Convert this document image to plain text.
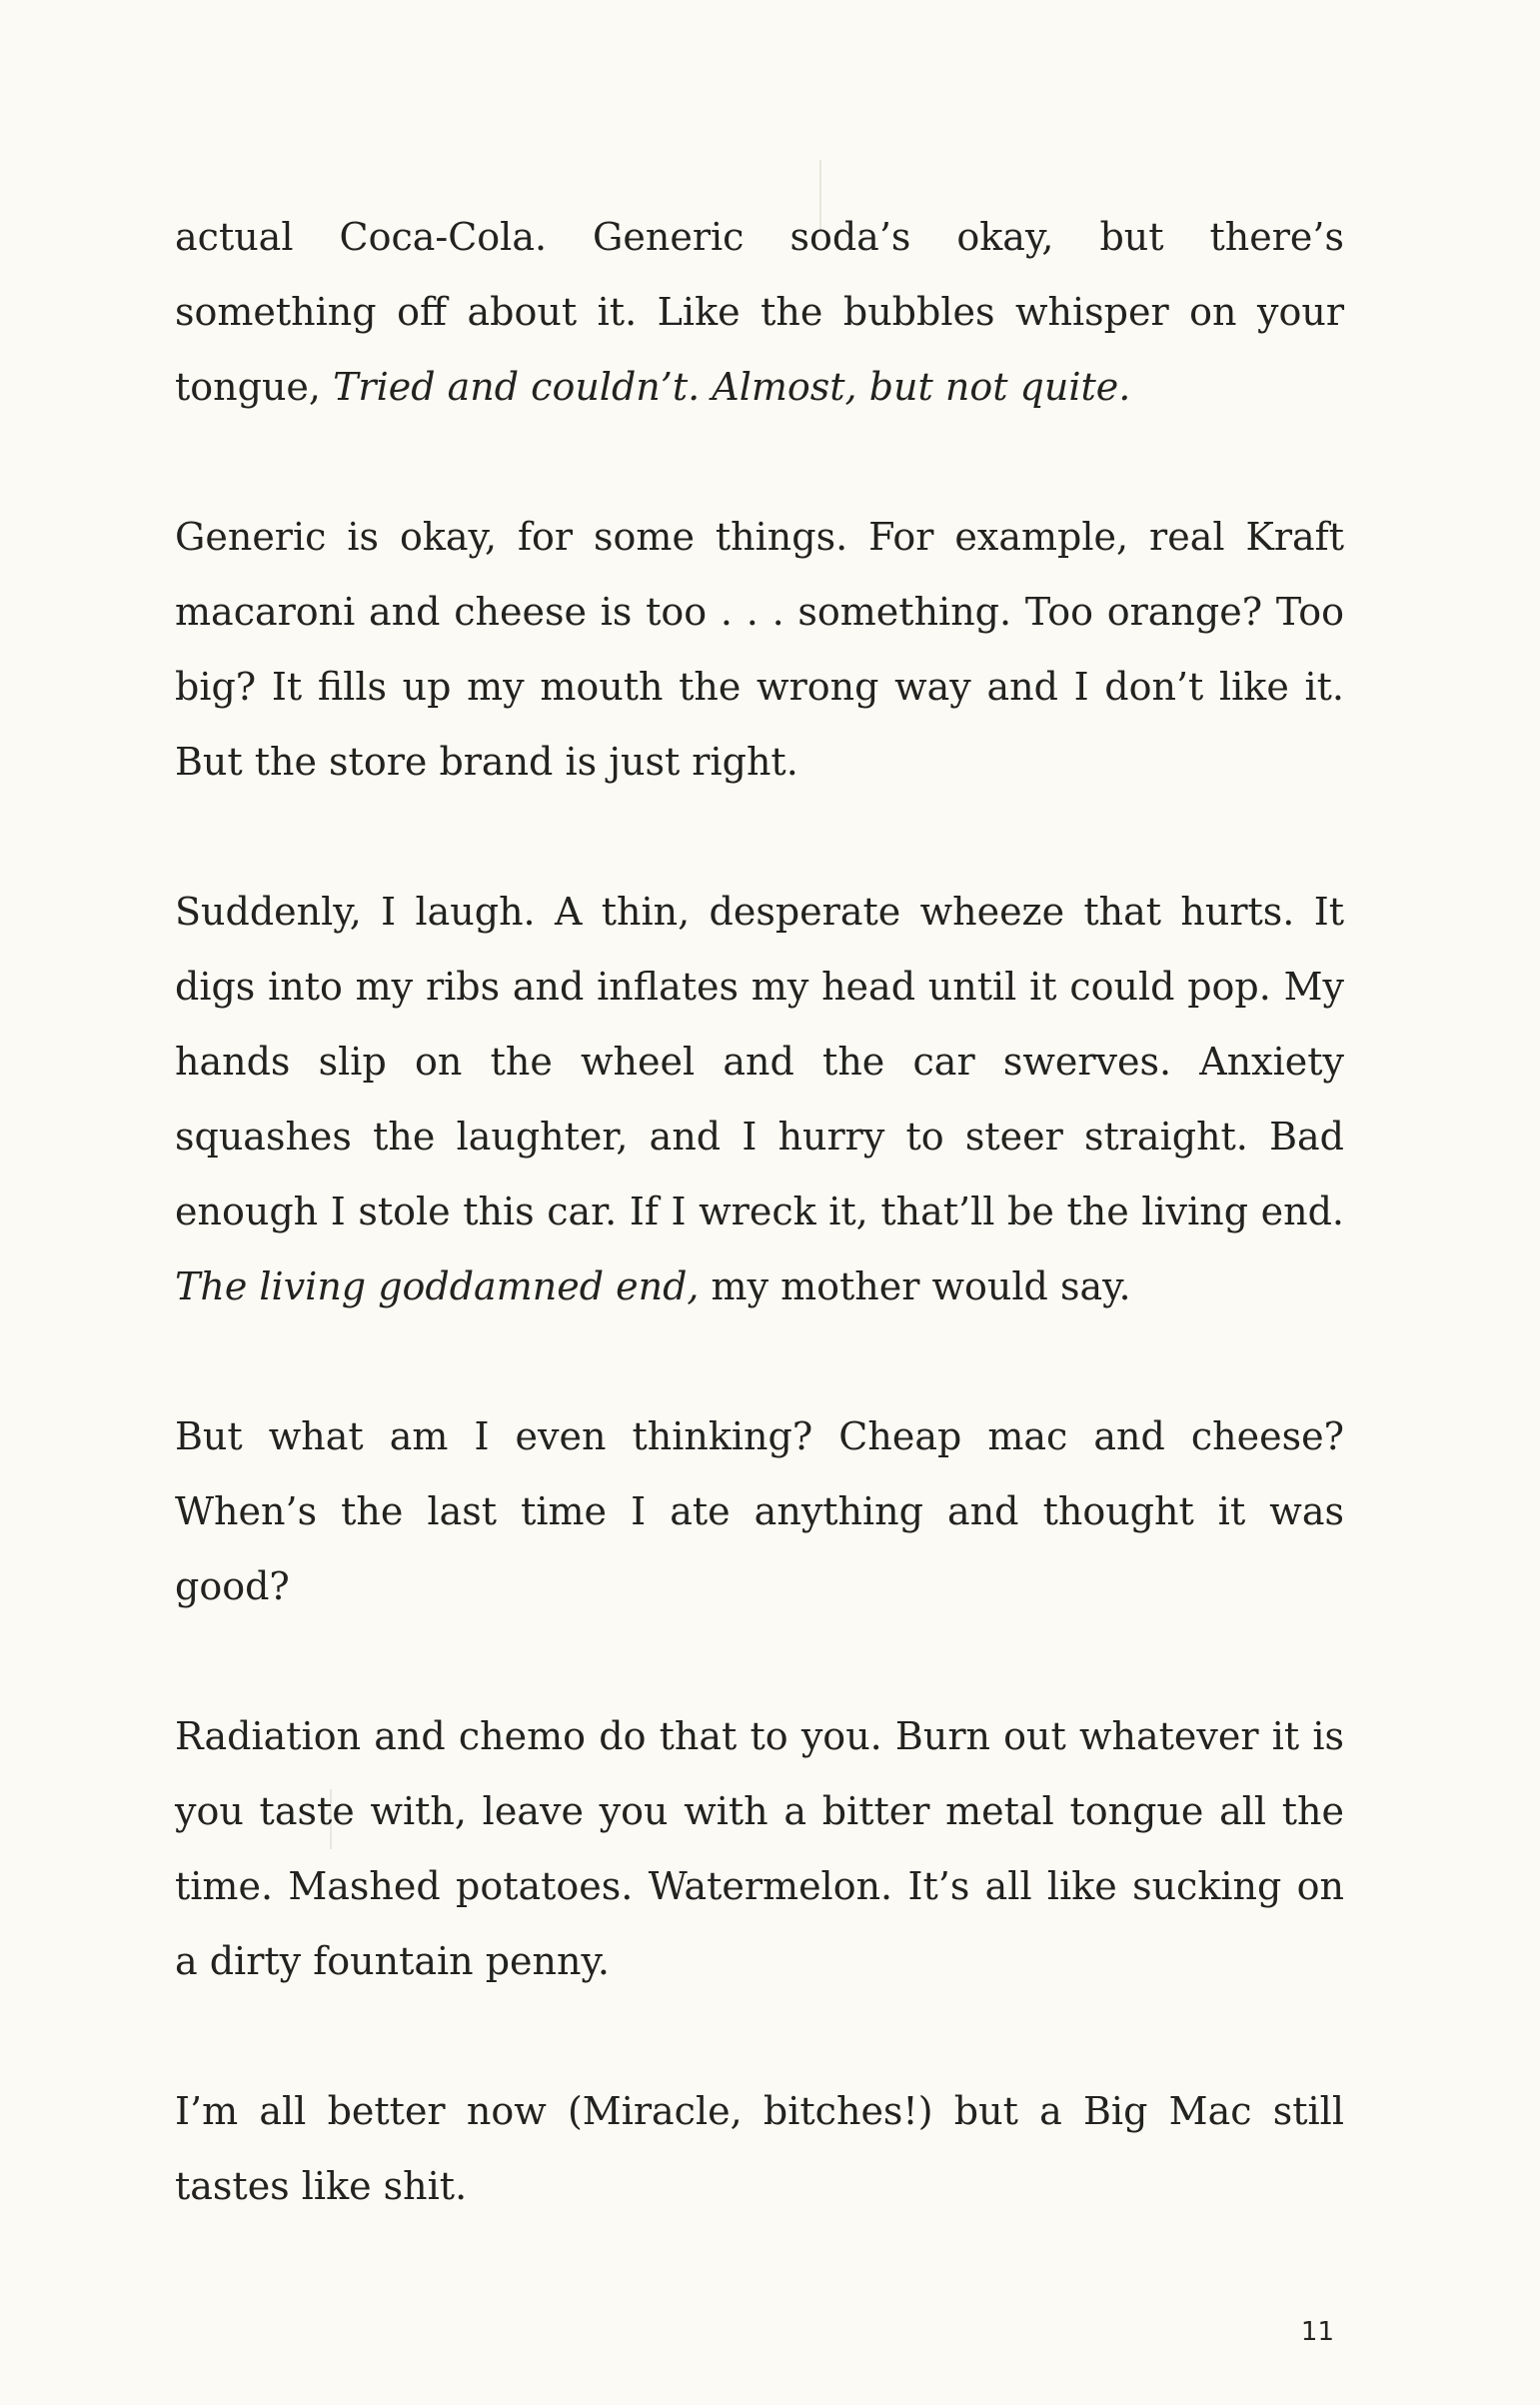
actual Coca-Cola. Generic soda’s okay, but there’s something off about it. Like the bubbles whisper on your tongue, Tried and couldn’t. Almost, but not quite.

Generic is okay, for some things. For example, real Kraft macaroni and cheese is too . . . something. Too orange? Too big? It fills up my mouth the wrong way and I don’t like it. But the store brand is just right.

Suddenly, I laugh. A thin, desperate wheeze that hurts. It digs into my ribs and inflates my head until it could pop. My hands slip on the wheel and the car swerves. Anxiety squashes the laughter, and I hurry to steer straight. Bad enough I stole this car. If I wreck it, that’ll be the living end. The living goddamned end, my mother would say.

But what am I even thinking? Cheap mac and cheese? When’s the last time I ate anything and thought it was good?

Radiation and chemo do that to you. Burn out whatever it is you taste with, leave you with a bitter metal tongue all the time. Mashed potatoes. Watermelon. It’s all like sucking on a dirty fountain penny.

I’m all better now (Miracle, bitches!) but a Big Mac still tastes like shit.

11
